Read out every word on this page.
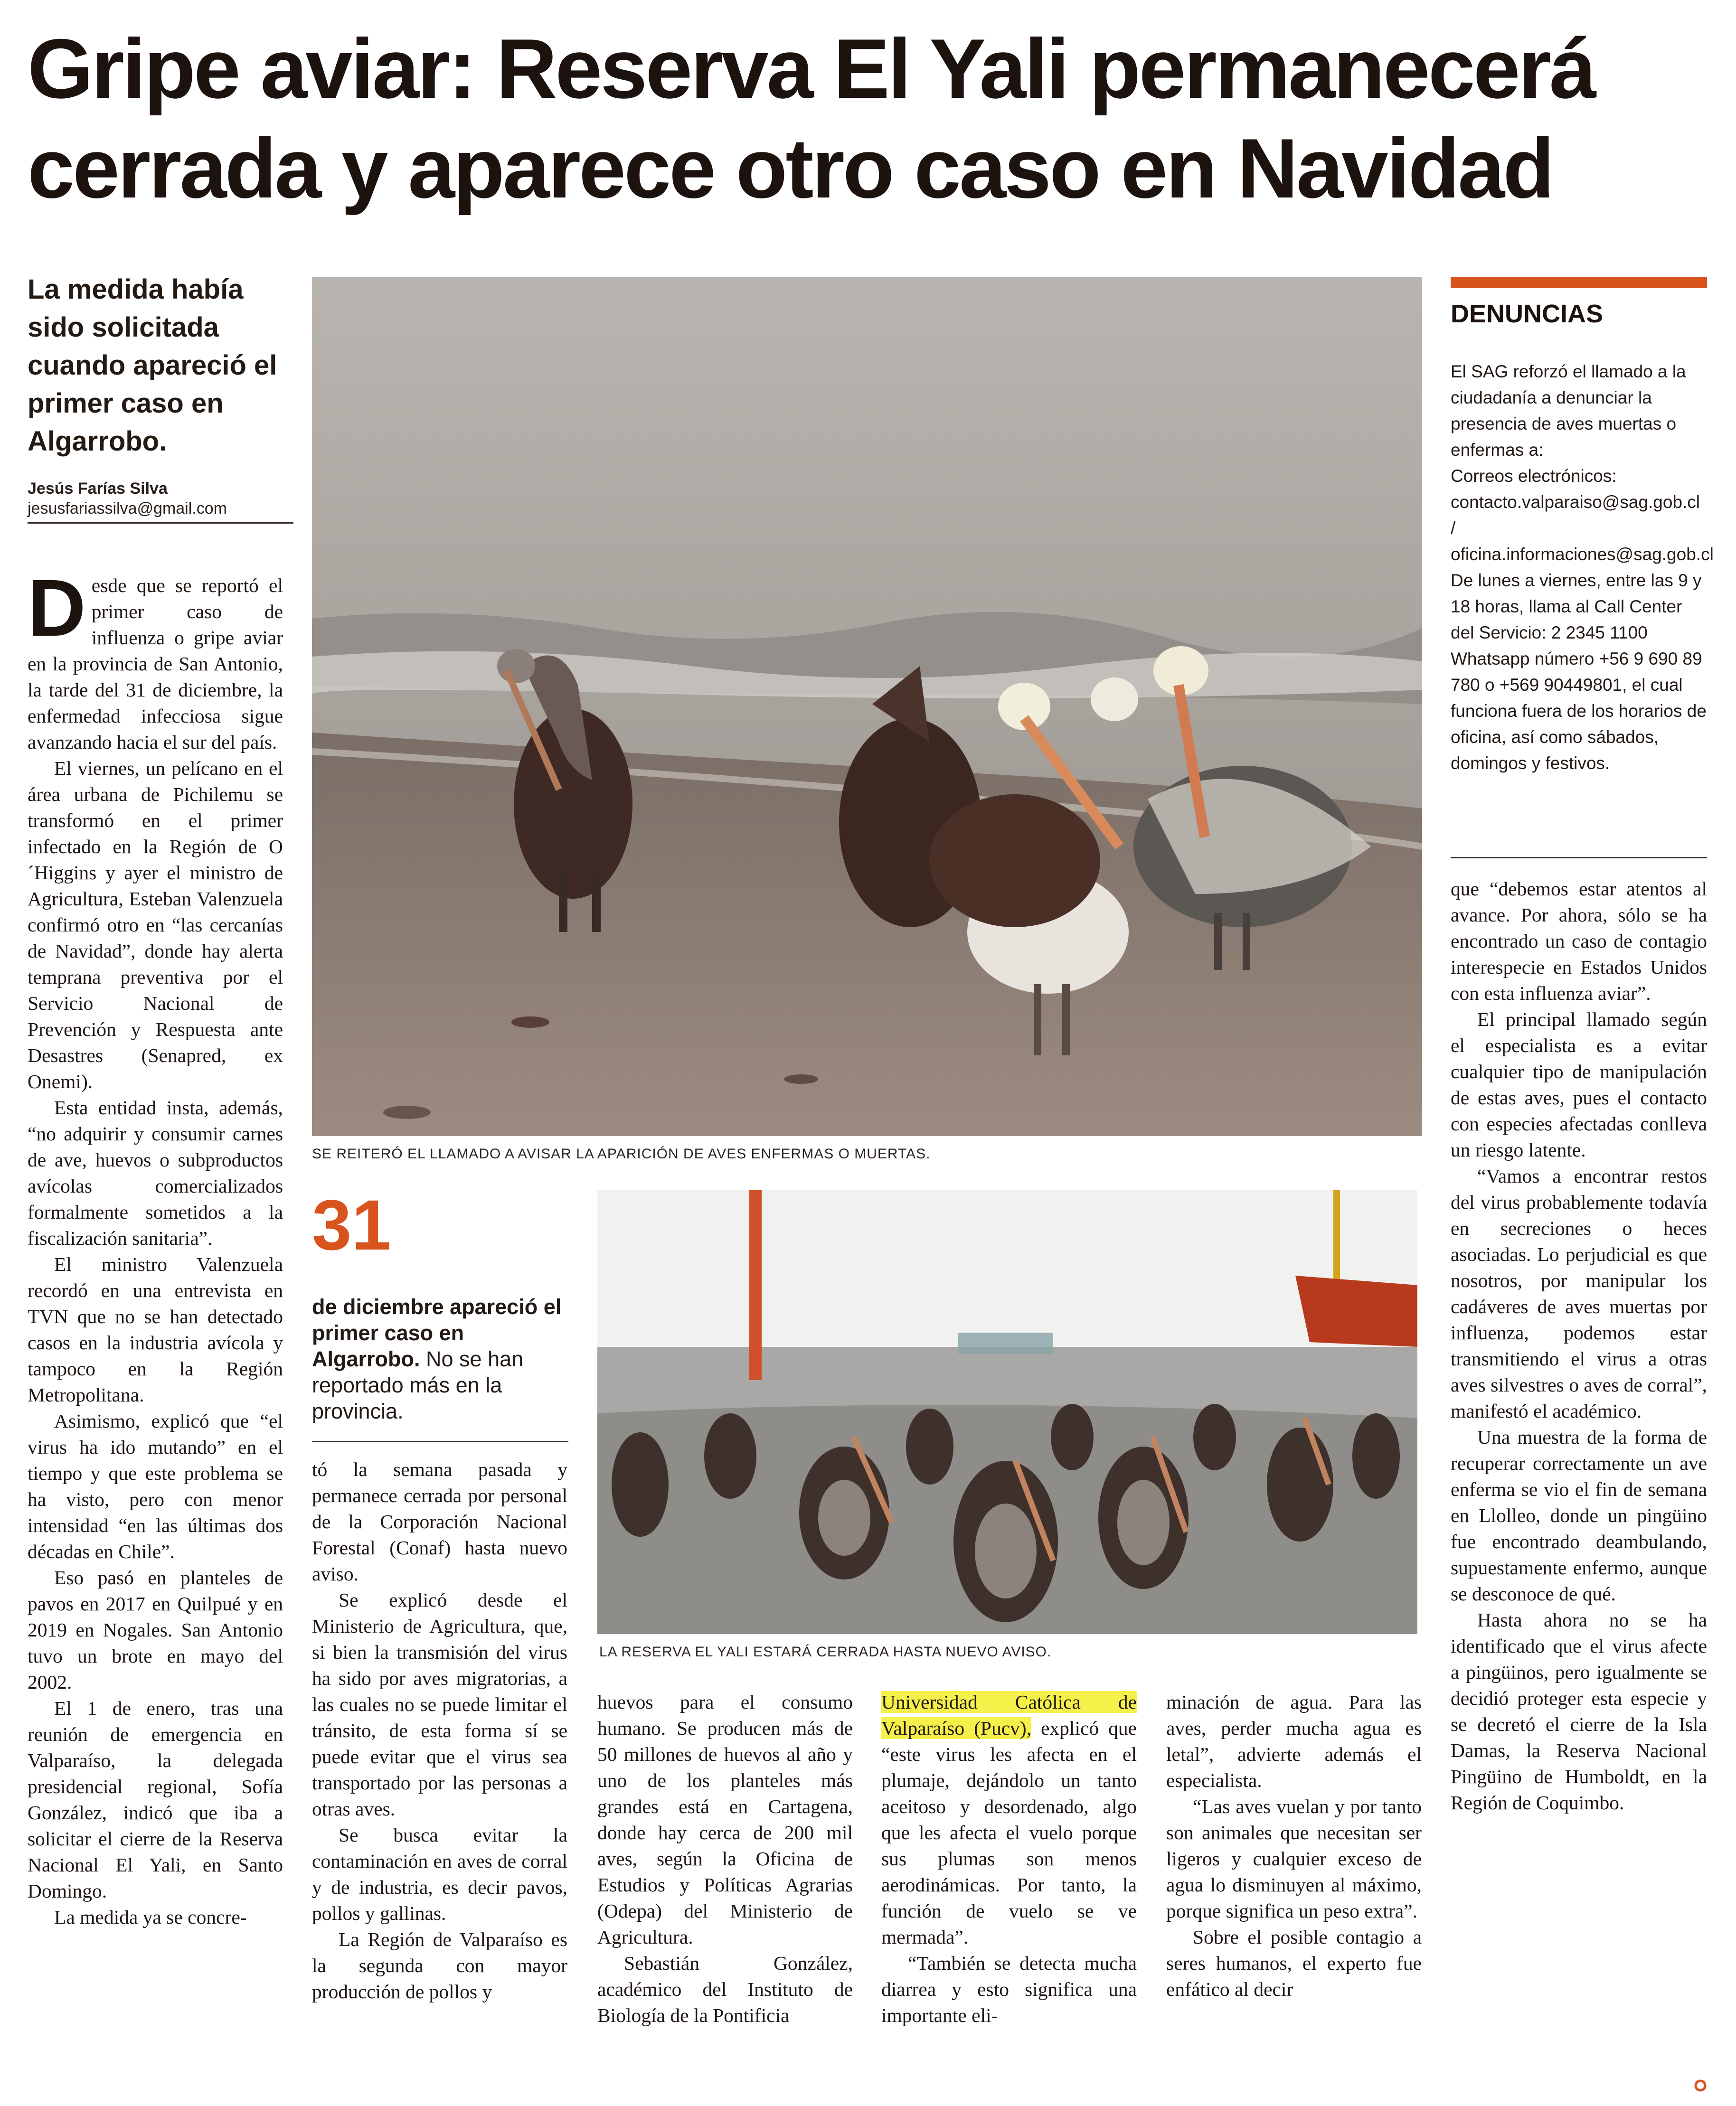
Gripe aviar: Reserva El Yali permanecerá cerrada y aparece otro caso en Navidad
La medida había sido solicitada cuando apareció el primer caso en Algarrobo.
Jesús Farías Silva
jesusfariassilva@gmail.com
D esde que se reportó el primer caso de influenza o gripe aviar en la provincia de San Antonio, la tarde del 31 de diciembre, la enfermedad infecciosa sigue avanzando hacia el sur del país.

El viernes, un pelícano en el área urbana de Pichilemu se transformó en el primer infectado en la Región de O´Higgins y ayer el ministro de Agricultura, Esteban Valenzuela confirmó otro en “las cercanías de Navidad”, donde hay alerta temprana preventiva por el Servicio Nacional de Prevención y Respuesta ante Desastres (Senapred, ex Onemi).

Esta entidad insta, además, “no adquirir y consumir carnes de ave, huevos o subproductos avícolas comercializados formalmente sometidos a la fiscalización sanitaria”.

El ministro Valenzuela recordó en una entrevista en TVN que no se han detectado casos en la industria avícola y tampoco en la Región Metropolitana.

Asimismo, explicó que “el virus ha ido mutando” en el tiempo y que este problema se ha visto, pero con menor intensidad “en las últimas dos décadas en Chile”.

Eso pasó en planteles de pavos en 2017 en Quilpué y en 2019 en Nogales. San Antonio tuvo un brote en mayo del 2002.

El 1 de enero, tras una reunión de emergencia en Valparaíso, la delegada presidencial regional, Sofía González, indicó que iba a solicitar el cierre de la Reserva Nacional El Yali, en Santo Domingo.

La medida ya se concre-

SE REITERÓ EL LLAMADO A AVISAR LA APARICIÓN DE AVES ENFERMAS O MUERTAS.
DENUNCIAS
El SAG reforzó el llamado a la ciudadanía a denunciar la presencia de aves muertas o enfermas a:
Correos electrónicos: contacto.valparaiso@sag.gob.cl / oficina.informaciones@sag.gob.cl
De lunes a viernes, entre las 9 y 18 horas, llama al Call Center del Servicio: 2 2345 1100
Whatsapp número +56 9 690 89 780 o +569 90449801, el cual funciona fuera de los horarios de oficina, así como sábados, domingos y festivos.
31
de diciembre apareció el primer caso en Algarrobo. No se han reportado más en la provincia.

tó la semana pasada y permanece cerrada por personal de la Corporación Nacional Forestal (Conaf) hasta nuevo aviso.

Se explicó desde el Ministerio de Agricultura, que, si bien la transmisión del virus ha sido por aves migratorias, a las cuales no se puede limitar el tránsito, de esta forma sí se puede evitar que el virus sea transportado por las personas a otras aves.

Se busca evitar la contaminación en aves de corral y de industria, es decir pavos, pollos y gallinas.

La Región de Valparaíso es la segunda con mayor producción de pollos y

LA RESERVA EL YALI ESTARÁ CERRADA HASTA NUEVO AVISO.

huevos para el consumo humano. Se producen más de 50 millones de huevos al año y uno de los planteles más grandes está en Cartagena, donde hay cerca de 200 mil aves, según la Oficina de Estudios y Políticas Agrarias (Odepa) del Ministerio de Agricultura.

Sebastián González, académico del Instituto de Biología de la Pontificia

Universidad Católica de Valparaíso (Pucv), explicó que “este virus les afecta en el plumaje, dejándolo un tanto aceitoso y desordenado, algo que les afecta el vuelo porque sus plumas son menos aerodinámicas. Por tanto, la función de vuelo se ve mermada”.

“También se detecta mucha diarrea y esto significa una importante eli-

minación de agua. Para las aves, perder mucha agua es letal”, advierte además el especialista.

“Las aves vuelan y por tanto son animales que necesitan ser ligeros y cualquier exceso de agua lo disminuyen al máximo, porque significa un peso extra”.

Sobre el posible contagio a seres humanos, el experto fue enfático al decir

que “debemos estar atentos al avance. Por ahora, sólo se ha encontrado un caso de contagio interespecie en Estados Unidos con esta influenza aviar”.

El principal llamado según el especialista es a evitar cualquier tipo de manipulación de estas aves, pues el contacto con especies afectadas conlleva un riesgo latente.

“Vamos a encontrar restos del virus probablemente todavía en secreciones o heces asociadas. Lo perjudicial es que nosotros, por manipular los cadáveres de aves muertas por influenza, podemos estar transmitiendo el virus a otras aves silvestres o aves de corral”, manifestó el académico.

Una muestra de la forma de recuperar correctamente un ave enferma se vio el fin de semana en Llolleo, donde un pingüino fue encontrado deambulando, supuestamente enfermo, aunque se desconoce de qué.

Hasta ahora no se ha identificado que el virus afecte a pingüinos, pero igualmente se decidió proteger esta especie y se decretó el cierre de la Isla Damas, la Reserva Nacional Pingüino de Humboldt, en la Región de Coquimbo.
